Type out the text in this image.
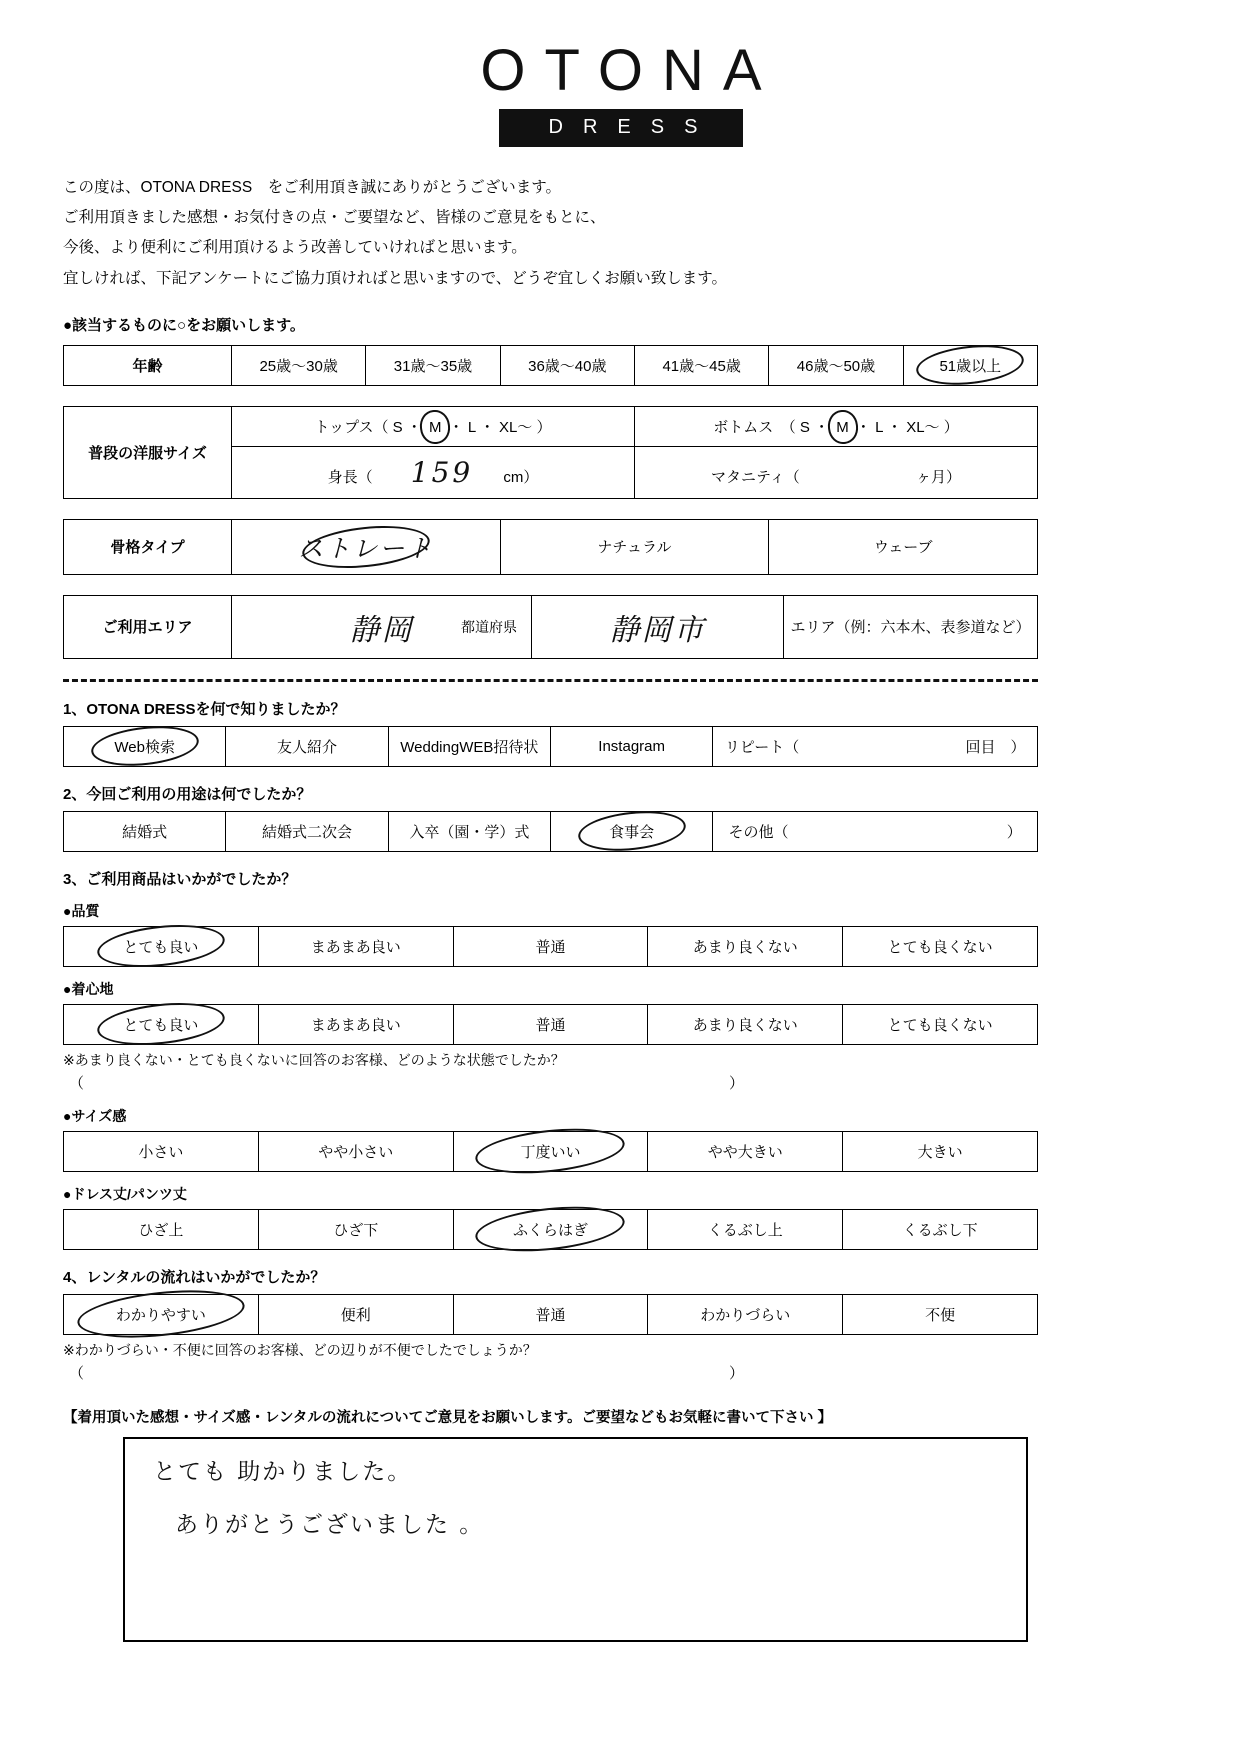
OTONA
DRESS
この度は、OTONA DRESS　をご利用頂き誠にありがとうございます。
ご利用頂きました感想・お気付きの点・ご要望など、皆様のご意見をもとに、
今後、より便利にご利用頂けるよう改善していければと思います。
宜しければ、下記アンケートにご協力頂ければと思いますので、どうぞ宜しくお願い致します。
●該当するものに○をお願いします。
年齢	25歳〜30歳	31歳〜35歳	36歳〜40歳	41歳〜45歳	46歳〜50歳	51歳以上
普段の洋服サイズ	トップス（ S ・ M ・ L ・ XL〜 ）	ボトムス　（ S ・ M ・ L ・ XL〜 ）
	身長（ 159 cm）	マタニティ（ ヶ月）
骨格タイプ	ストレート	ナチュラル	ウェーブ
ご利用エリア	静岡	都道府県	静岡市	エリア（例：六本木、表参道など）
1、OTONA DRESSを何で知りましたか？
Web検索	友人紹介	WeddingWEB招待状	Instagram	リピート（	回目　）
2、今回ご利用の用途は何でしたか？
結婚式	結婚式二次会	入卒（園・学）式	食事会	その他（	）
3、ご利用商品はいかがでしたか？
●品質
とても良い	まあまあ良い	普通	あまり良くない	とても良くない
●着心地
とても良い	まあまあ良い	普通	あまり良くない	とても良くない
※あまり良くない・とても良くないに回答のお客様、どのような状態でしたか？
（	）
●サイズ感
小さい	やや小さい	丁度いい	やや大きい	大きい
●ドレス丈/パンツ丈
ひざ上	ひざ下	ふくらはぎ	くるぶし上	くるぶし下
4、レンタルの流れはいかがでしたか？
わかりやすい	便利	普通	わかりづらい	不便
※わかりづらい・不便に回答のお客様、どの辺りが不便でしたでしょうか？
（	）
【着用頂いた感想・サイズ感・レンタルの流れについてご意見をお願いします。ご要望などもお気軽に書いて下さい 】
とても 助かりました。
ありがとうございました 。
